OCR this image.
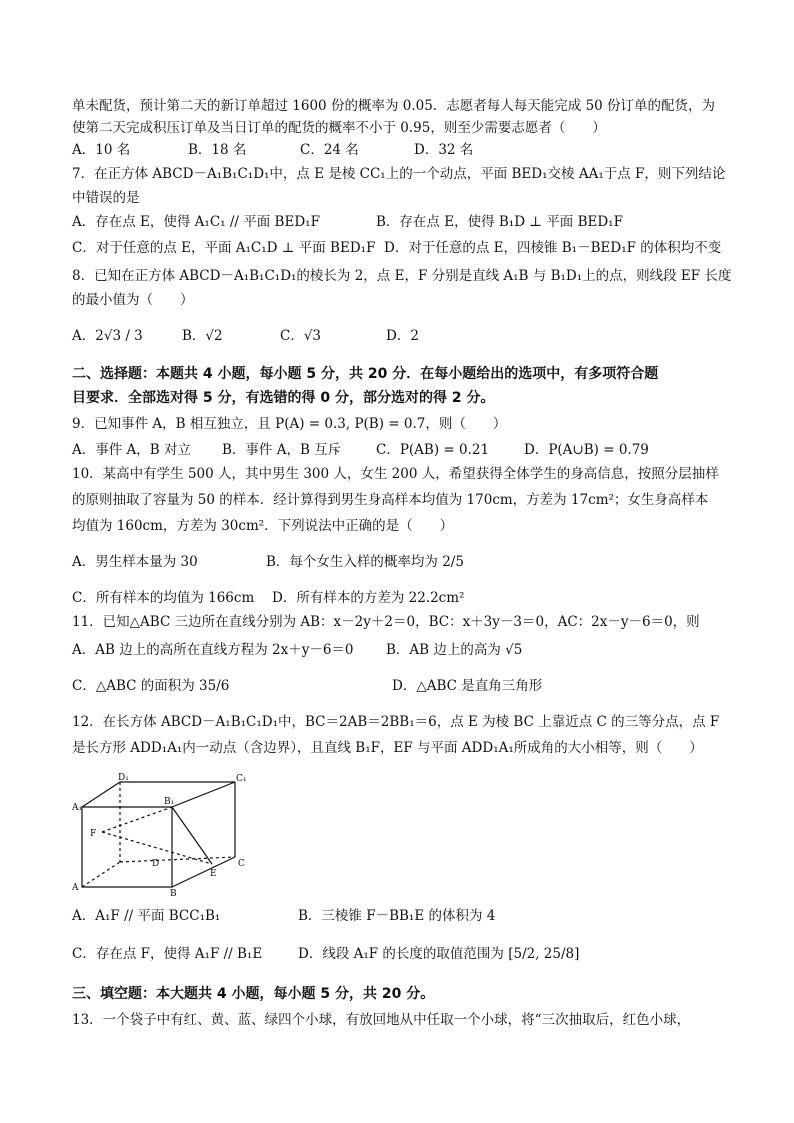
单未配货，预计第二天的新订单超过 1600 份的概率为 0.05．志愿者每人每天能完成 50 份订单的配货，为
使第二天完成积压订单及当日订单的配货的概率不小于 0.95，则至少需要志愿者（　　）
A．10 名	B．18 名	C．24 名	D．32 名
7．在正方体 ABCD－A₁B₁C₁D₁中，点 E 是棱 CC₁上的一个动点，平面 BED₁交棱 AA₁于点 F，则下列结论
中错误的是
A．存在点 E，使得 A₁C₁ // 平面 BED₁F	B．存在点 E，使得 B₁D ⊥ 平面 BED₁F
C．对于任意的点 E，平面 A₁C₁D ⊥ 平面 BED₁F D．对于任意的点 E，四棱锥 B₁－BED₁F 的体积均不变
8．已知在正方体 ABCD－A₁B₁C₁D₁的棱长为 2，点 E，F 分别是直线 A₁B 与 B₁D₁上的点，则线段 EF 长度
的最小值为（　　）
A．2√3 / 3	B．√2	C．√3	D．2
二、选择题：本题共 4 小题，每小题 5 分，共 20 分．在每小题给出的选项中，有多项符合题
目要求．全部选对得 5 分，有选错的得 0 分，部分选对的得 2 分。
9．已知事件 A，B 相互独立，且 P(A) = 0.3, P(B) = 0.7，则（　　）
A．事件 A，B 对立 B．事件 A，B 互斥	C．P(AB) = 0.21	D．P(A∪B) = 0.79
10．某高中有学生 500 人，其中男生 300 人，女生 200 人，希望获得全体学生的身高信息，按照分层抽样
的原则抽取了容量为 50 的样本．经计算得到男生身高样本均值为 170cm，方差为 17cm²；女生身高样本
均值为 160cm，方差为 30cm²．下列说法中正确的是（　　）
A．男生样本量为 30	B．每个女生入样的概率均为 2/5
C．所有样本的均值为 166cm D．所有样本的方差为 22.2cm²
11．已知△ABC 三边所在直线分别为 AB：x－2y＋2＝0，BC：x＋3y－3＝0，AC：2x－y－6＝0，则
A．AB 边上的高所在直线方程为 2x＋y－6＝0 B．AB 边上的高为 √5
C．△ABC 的面积为 35/6	D．△ABC 是直角三角形
12．在长方体 ABCD－A₁B₁C₁D₁中，BC＝2AB＝2BB₁＝6，点 E 为棱 BC 上靠近点 C 的三等分点，点 F
是长方形 ADD₁A₁内一动点（含边界），且直线 B₁F，EF 与平面 ADD₁A₁所成角的大小相等，则（　　）
D₁	C₁
A₁
B₁
F
D	C
A
B
E
A．A₁F // 平面 BCC₁B₁	B．三棱锥 F－BB₁E 的体积为 4
C．存在点 F，使得 A₁F // B₁E	D．线段 A₁F 的长度的取值范围为 [5/2, 25/8]
三、填空题：本大题共 4 小题，每小题 5 分，共 20 分。
13．一个袋子中有红、黄、蓝、绿四个小球，有放回地从中任取一个小球，将“三次抽取后，红色小球，
